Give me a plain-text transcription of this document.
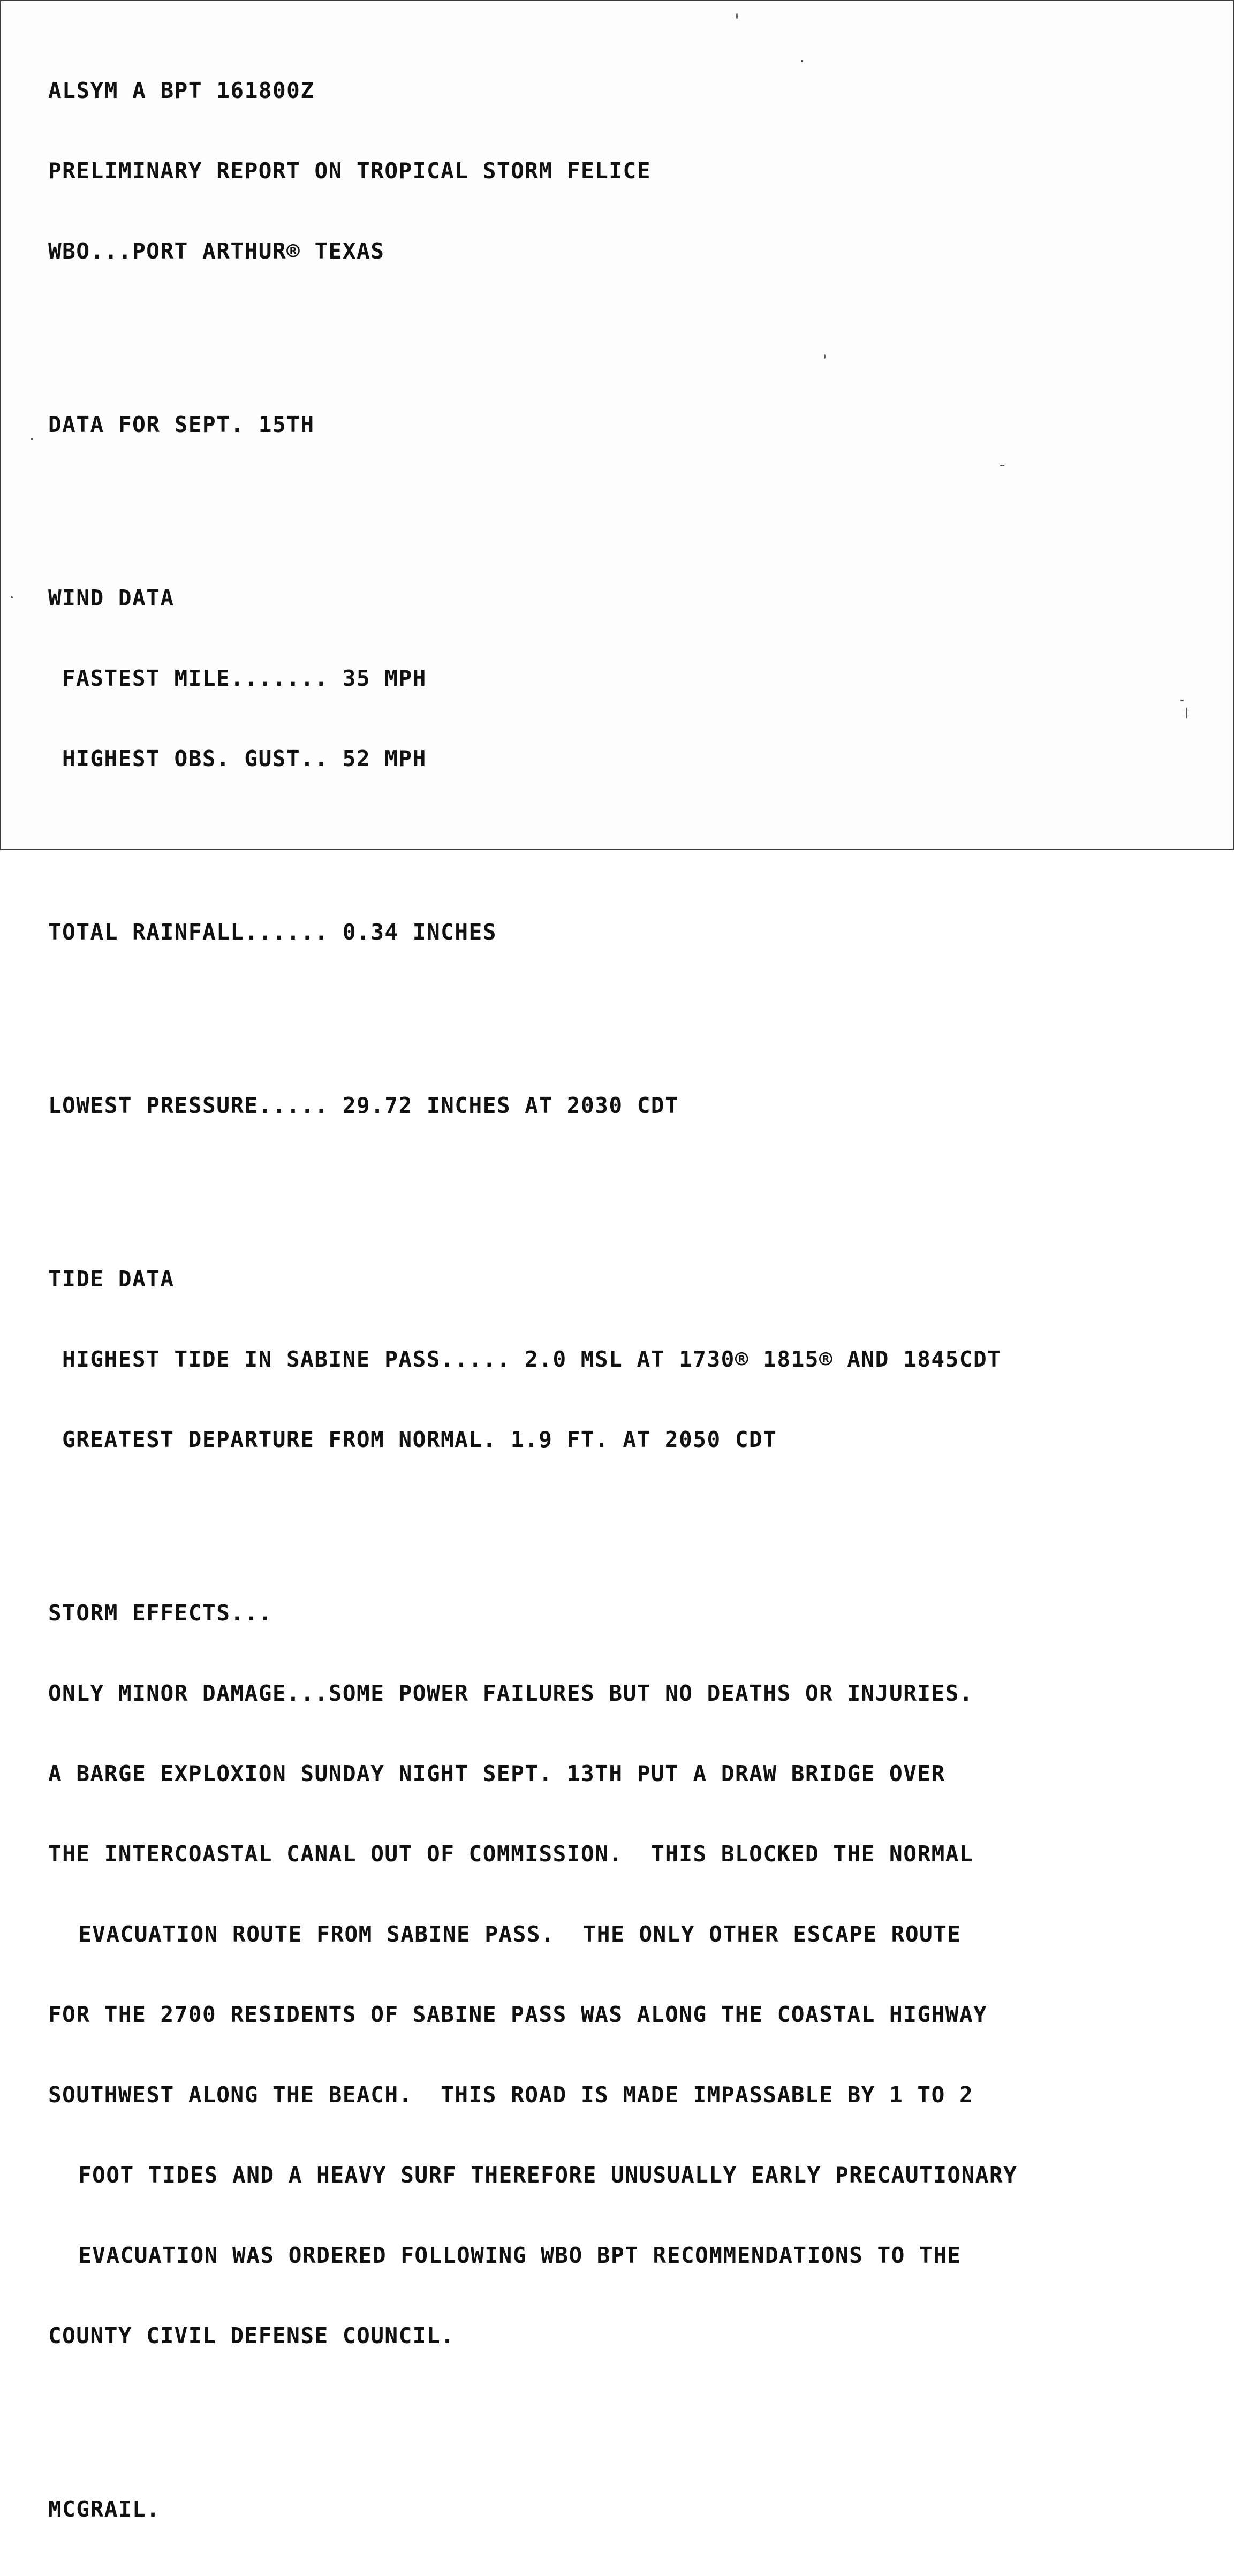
ALSYM A BPT 161800Z

PRELIMINARY REPORT ON TROPICAL STORM FELICE

WBO...PORT ARTHUR® TEXAS

DATA FOR SEPT. 15TH

WIND DATA

FASTEST MILE....... 35 MPH

HIGHEST OBS. GUST.. 52 MPH

TOTAL RAINFALL...... 0.34 INCHES

LOWEST PRESSURE..... 29.72 INCHES AT 2030 CDT

TIDE DATA

HIGHEST TIDE IN SABINE PASS..... 2.0 MSL AT 1730® 1815® AND 1845CDT

GREATEST DEPARTURE FROM NORMAL. 1.9 FT. AT 2050 CDT

STORM EFFECTS...

ONLY MINOR DAMAGE...SOME POWER FAILURES BUT NO DEATHS OR INJURIES.

A BARGE EXPLOXION SUNDAY NIGHT SEPT. 13TH PUT A DRAW BRIDGE OVER

THE INTERCOASTAL CANAL OUT OF COMMISSION.  THIS BLOCKED THE NORMAL

EVACUATION ROUTE FROM SABINE PASS.  THE ONLY OTHER ESCAPE ROUTE

FOR THE 2700 RESIDENTS OF SABINE PASS WAS ALONG THE COASTAL HIGHWAY

SOUTHWEST ALONG THE BEACH.  THIS ROAD IS MADE IMPASSABLE BY 1 TO 2

FOOT TIDES AND A HEAVY SURF THEREFORE UNUSUALLY EARLY PRECAUTIONARY

EVACUATION WAS ORDERED FOLLOWING WBO BPT RECOMMENDATIONS TO THE

COUNTY CIVIL DEFENSE COUNCIL.

MCGRAIL.
